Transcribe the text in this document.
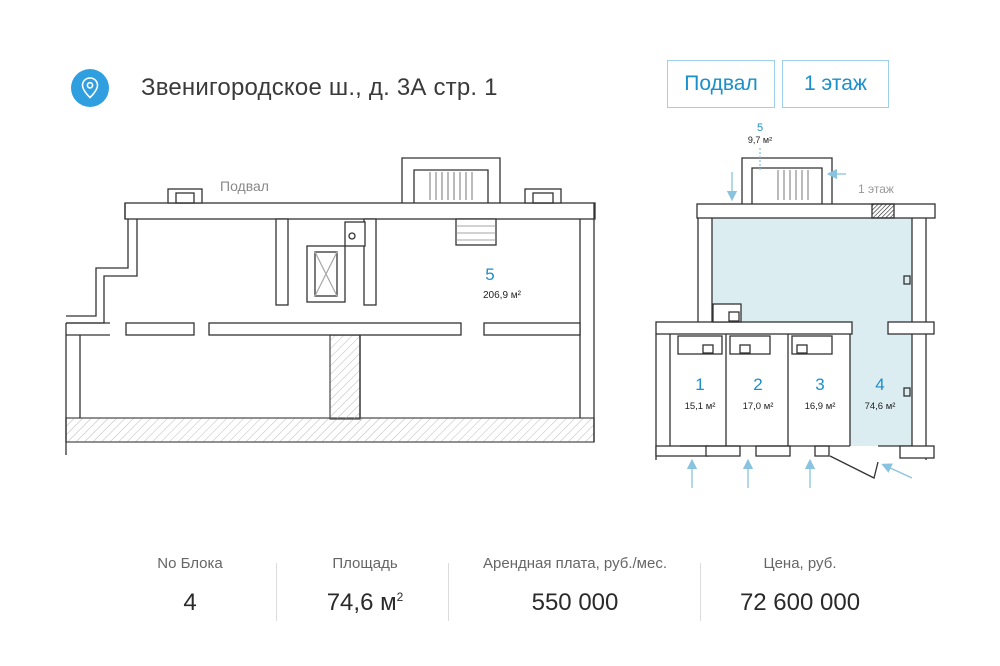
Звенигородское ш., д. 3А стр. 1	Подвал	1 этаж
Подвал
5
206,9 м²
5
9,7 м²
1 этаж
1
15,1 м²
2
17,0 м²
3
16,9 м²
4
74,6 м²
No Блока
4
Площадь
74,6 $м^2$
Арендная плата, руб./мес.
550 000
Цена, руб.
72 600 000
